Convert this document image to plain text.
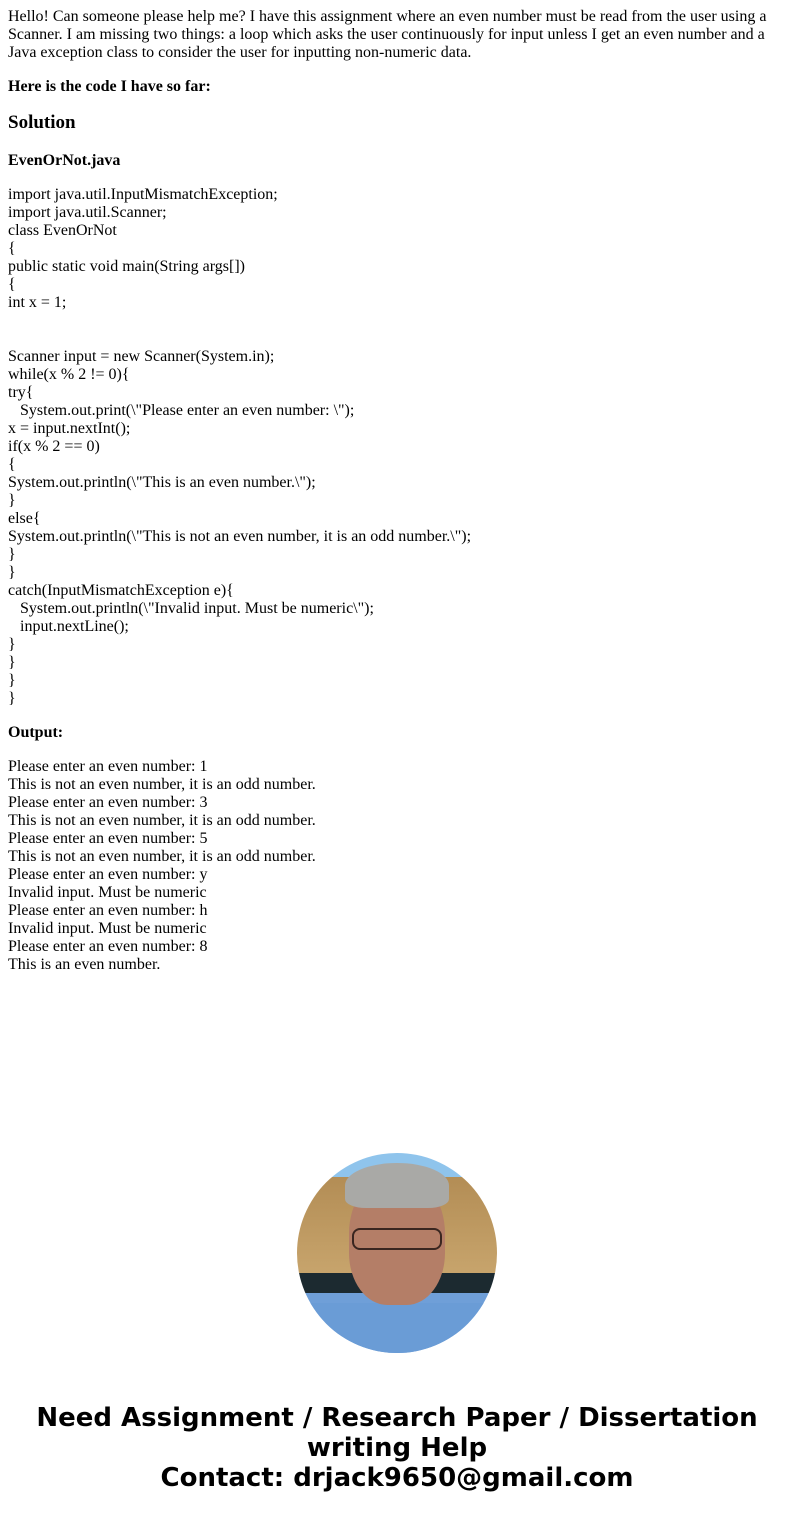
Hello! Can someone please help me? I have this assignment where an even number must be read from the user using a Scanner. I am missing two things: a loop which asks the user continuously for input unless I get an even number and a Java exception class to consider the user for inputting non-numeric data.

Here is the code I have so far:

Solution

EvenOrNot.java

import java.util.InputMismatchException;
import java.util.Scanner;
class EvenOrNot
{
public static void main(String args[])
{
int x = 1;
Scanner input = new Scanner(System.in);
while(x % 2 != 0){
try{
System.out.print(\"Please enter an even number: \");
x = input.nextInt();
if(x % 2 == 0)
{
System.out.println(\"This is an even number.\");
}
else{
System.out.println(\"This is not an even number, it is an odd number.\");
}
}
catch(InputMismatchException e){
System.out.println(\"Invalid input. Must be numeric\");
input.nextLine();
}
}
}
}

Output:

Please enter an even number: 1
This is not an even number, it is an odd number.
Please enter an even number: 3
This is not an even number, it is an odd number.
Please enter an even number: 5
This is not an even number, it is an odd number.
Please enter an even number: y
Invalid input. Must be numeric
Please enter an even number: h
Invalid input. Must be numeric
Please enter an even number: 8
This is an even number.
Need Assignment / Research Paper / Dissertation
writing Help
Contact: drjack9650@gmail.com
